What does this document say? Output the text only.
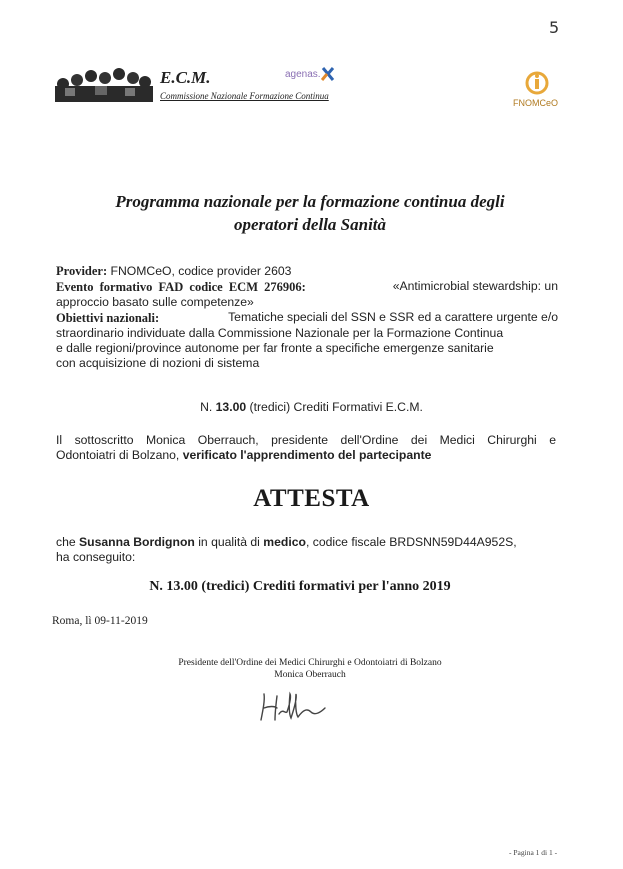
5
E.C.M.
Commissione Nazionale Formazione Continua
agenas.
FNOMCeO
Programma nazionale per la formazione continua degli
operatori della Sanità
Provider: FNOMCeO, codice provider 2603
Evento formativo FAD codice ECM 276906:	«Antimicrobial stewardship: un
approccio basato sulle competenze»
Obiettivi nazionali:	Tematiche speciali del SSN e SSR ed a carattere urgente e/o
straordinario individuate dalla Commissione Nazionale per la Formazione Continua
e dalle regioni/province autonome per far fronte a specifiche emergenze sanitarie
con acquisizione di nozioni di sistema
N. 13.00 (tredici) Crediti Formativi E.C.M.
Il sottoscritto Monica Oberrauch, presidente dell'Ordine dei Medici Chirurghi e
Odontoiatri di Bolzano, verificato l'apprendimento del partecipante
ATTESTA
che Susanna Bordignon in qualità di medico, codice fiscale BRDSNN59D44A952S,
ha conseguito:
N. 13.00 (tredici) Crediti formativi per l'anno 2019
Roma, lì 09-11-2019
Presidente dell'Ordine dei Medici Chirurghi e Odontoiatri di Bolzano
Monica Oberrauch
- Pagina 1 di 1 -
